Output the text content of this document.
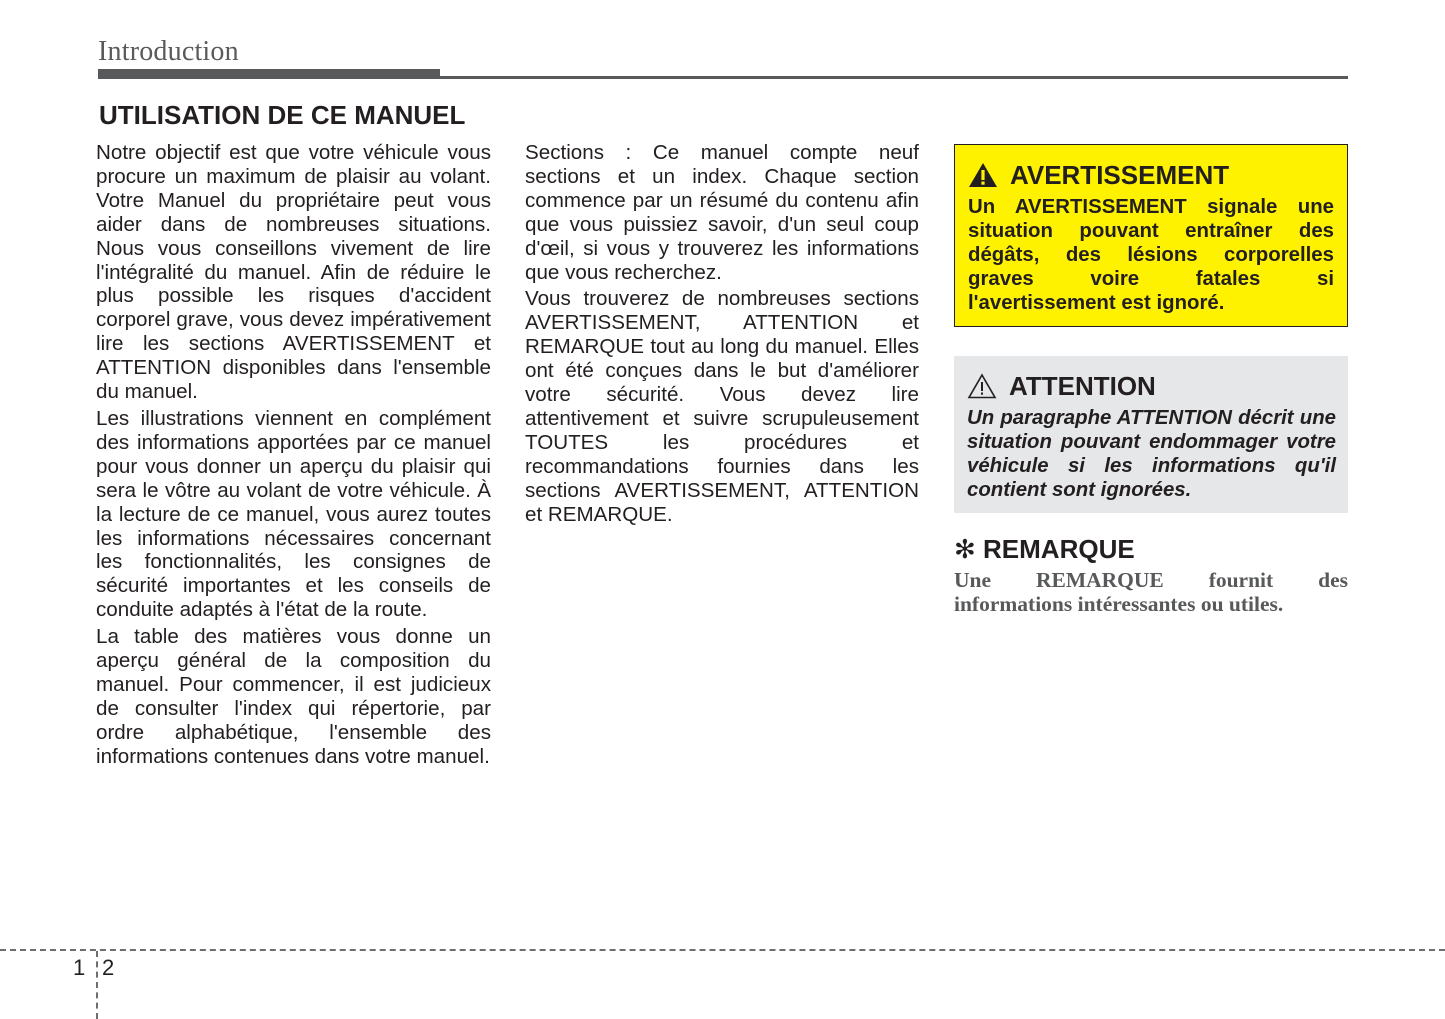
Introduction
UTILISATION DE CE MANUEL

Notre objectif est que votre véhicule vous procure un maximum de plaisir au volant. Votre Manuel du propriétaire peut vous aider dans de nombreuses situations. Nous vous conseillons vivement de lire l'intégralité du manuel. Afin de réduire le plus possible les risques d'accident corporel grave, vous devez impérativement lire les sections AVERTISSEMENT et ATTENTION disponibles dans l'ensemble du manuel.

Les illustrations viennent en complément des informations apportées par ce manuel pour vous donner un aperçu du plaisir qui sera le vôtre au volant de votre véhicule. À la lecture de ce manuel, vous aurez toutes les informations nécessaires concernant les fonctionnalités, les consignes de sécurité importantes et les conseils de conduite adaptés à l'état de la route.

La table des matières vous donne un aperçu général de la composition du manuel. Pour commencer, il est judicieux de consulter l'index qui répertorie, par ordre alphabétique, l'ensemble des informations contenues dans votre manuel.

Sections : Ce manuel compte neuf sections et un index. Chaque section commence par un résumé du contenu afin que vous puissiez savoir, d'un seul coup d'œil, si vous y trouverez les informations que vous recherchez.

Vous trouverez de nombreuses sections AVERTISSEMENT, ATTENTION et REMARQUE tout au long du manuel. Elles ont été conçues dans le but d'améliorer votre sécurité. Vous devez lire attentivement et suivre scrupuleusement TOUTES les procédures et recommandations fournies dans les sections AVERTISSEMENT, ATTENTION et REMARQUE.

AVERTISSEMENT
Un AVERTISSEMENT signale une situation pouvant entraîner des dégâts, des lésions corporelles graves voire fatales si l'avertissement est ignoré.
ATTENTION
Un paragraphe ATTENTION décrit une situation pouvant endommager votre véhicule si les informations qu'il contient sont ignorées.
✻ REMARQUE
Une REMARQUE fournit des informations intéressantes ou utiles.
1 2
